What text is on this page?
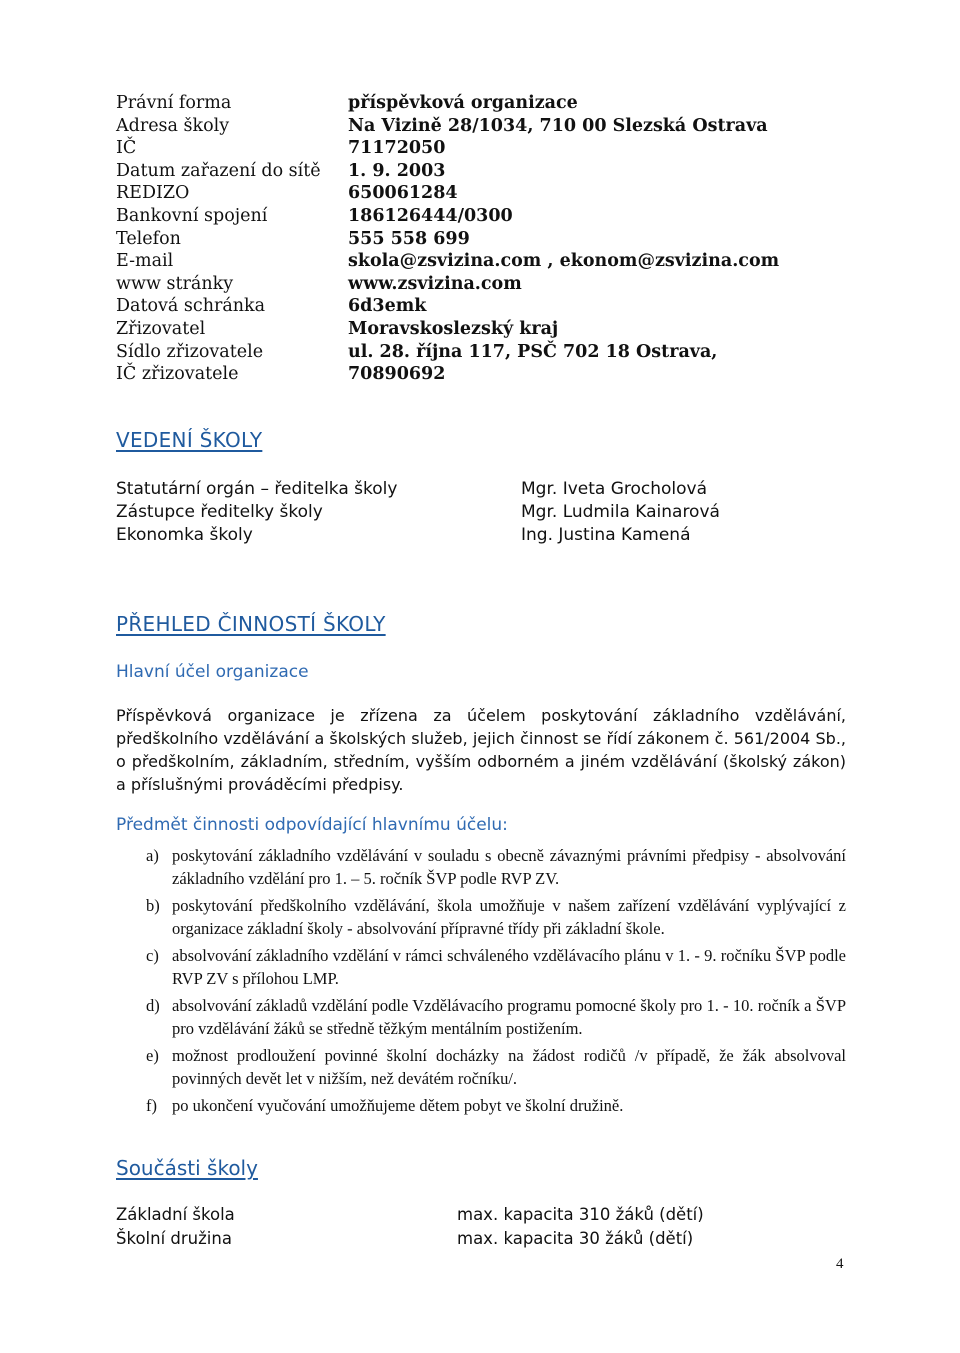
Právní forma	příspěvková organizace
Adresa školy	Na Vizině 28/1034, 710 00 Slezská Ostrava
IČ	71172050
Datum zařazení do sítě	1. 9. 2003
REDIZO	650061284
Bankovní spojení	186126444/0300
Telefon	555 558 699
E-mail	skola@zsvizina.com , ekonom@zsvizina.com
www stránky	www.zsvizina.com
Datová schránka	6d3emk
Zřizovatel	Moravskoslezský kraj
Sídlo zřizovatele	ul. 28. října 117, PSČ 702 18 Ostrava,
IČ zřizovatele	70890692
VEDENÍ ŠKOLY
Statutární orgán – ředitelka školy	Mgr. Iveta Grocholová
Zástupce ředitelky školy	Mgr. Ludmila Kainarová
Ekonomka školy	Ing. Justina Kamená
PŘEHLED ČINNOSTÍ ŠKOLY
Hlavní účel organizace
Příspěvková organizace je zřízena za účelem poskytování základního vzdělávání, předškolního vzdělávání a školských služeb, jejich činnost se řídí zákonem č. 561/2004 Sb., o předškolním, základním, středním, vyšším odborném a jiném vzdělávání (školský zákon) a příslušnými prováděcími předpisy.
Předmět činnosti odpovídající hlavnímu účelu:
a) poskytování základního vzdělávání v souladu s obecně závaznými právními předpisy - absolvování základního vzdělání pro 1. – 5. ročník ŠVP podle RVP ZV.
b) poskytování předškolního vzdělávání, škola umožňuje v našem zařízení vzdělávání vyplývající z organizace základní školy - absolvování přípravné třídy při základní škole.
c) absolvování základního vzdělání v rámci schváleného vzdělávacího plánu v 1. - 9. ročníku ŠVP podle RVP ZV s přílohou LMP.
d) absolvování základů vzdělání podle Vzdělávacího programu pomocné školy pro 1. - 10. ročník a ŠVP pro vzdělávání žáků se středně těžkým mentálním postižením.
e) možnost prodloužení povinné školní docházky na žádost rodičů /v případě, že žák absolvoval povinných devět let v nižším, než devátém ročníku/.
f) po ukončení vyučování umožňujeme dětem pobyt ve školní družině.
Součásti školy
Základní škola	max. kapacita 310 žáků (dětí)
Školní družina	max. kapacita 30 žáků (dětí)
4
